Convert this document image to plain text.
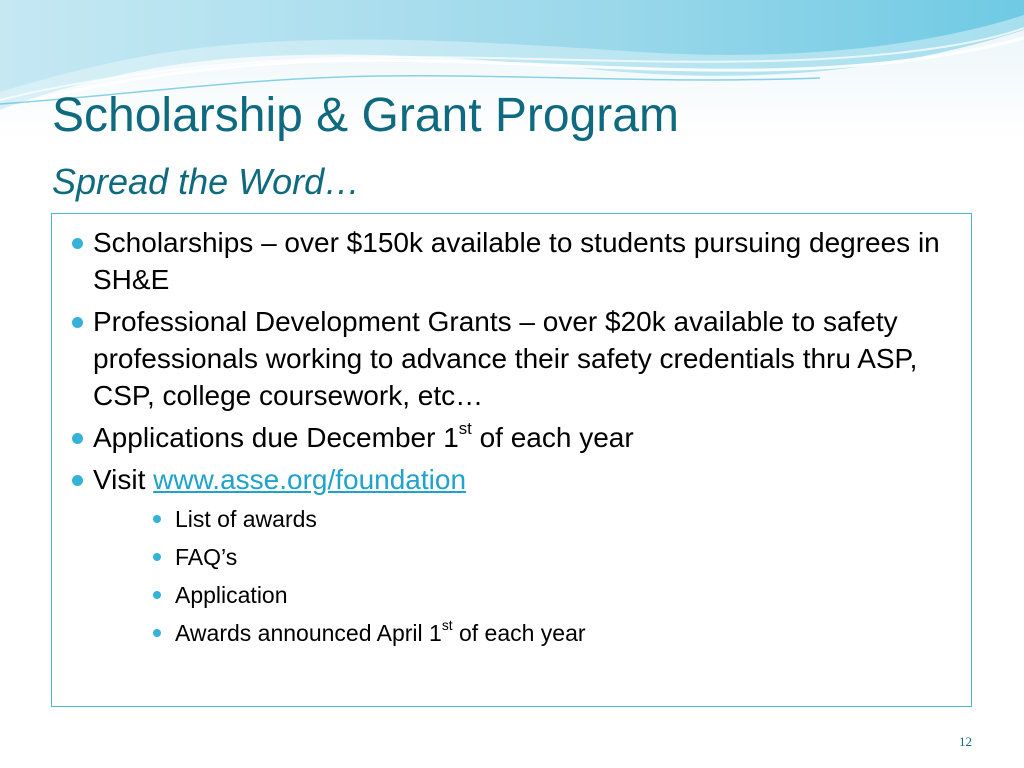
Scholarship & Grant Program
Spread the Word…
Scholarships – over $150k available to students pursuing degrees in SH&E
Professional Development Grants – over $20k available to safety professionals working to advance their safety credentials thru ASP, CSP, college coursework, etc…
Applications due December 1st of each year
Visit www.asse.org/foundation
List of awards
FAQ’s
Application
Awards announced April 1st of each year
12
